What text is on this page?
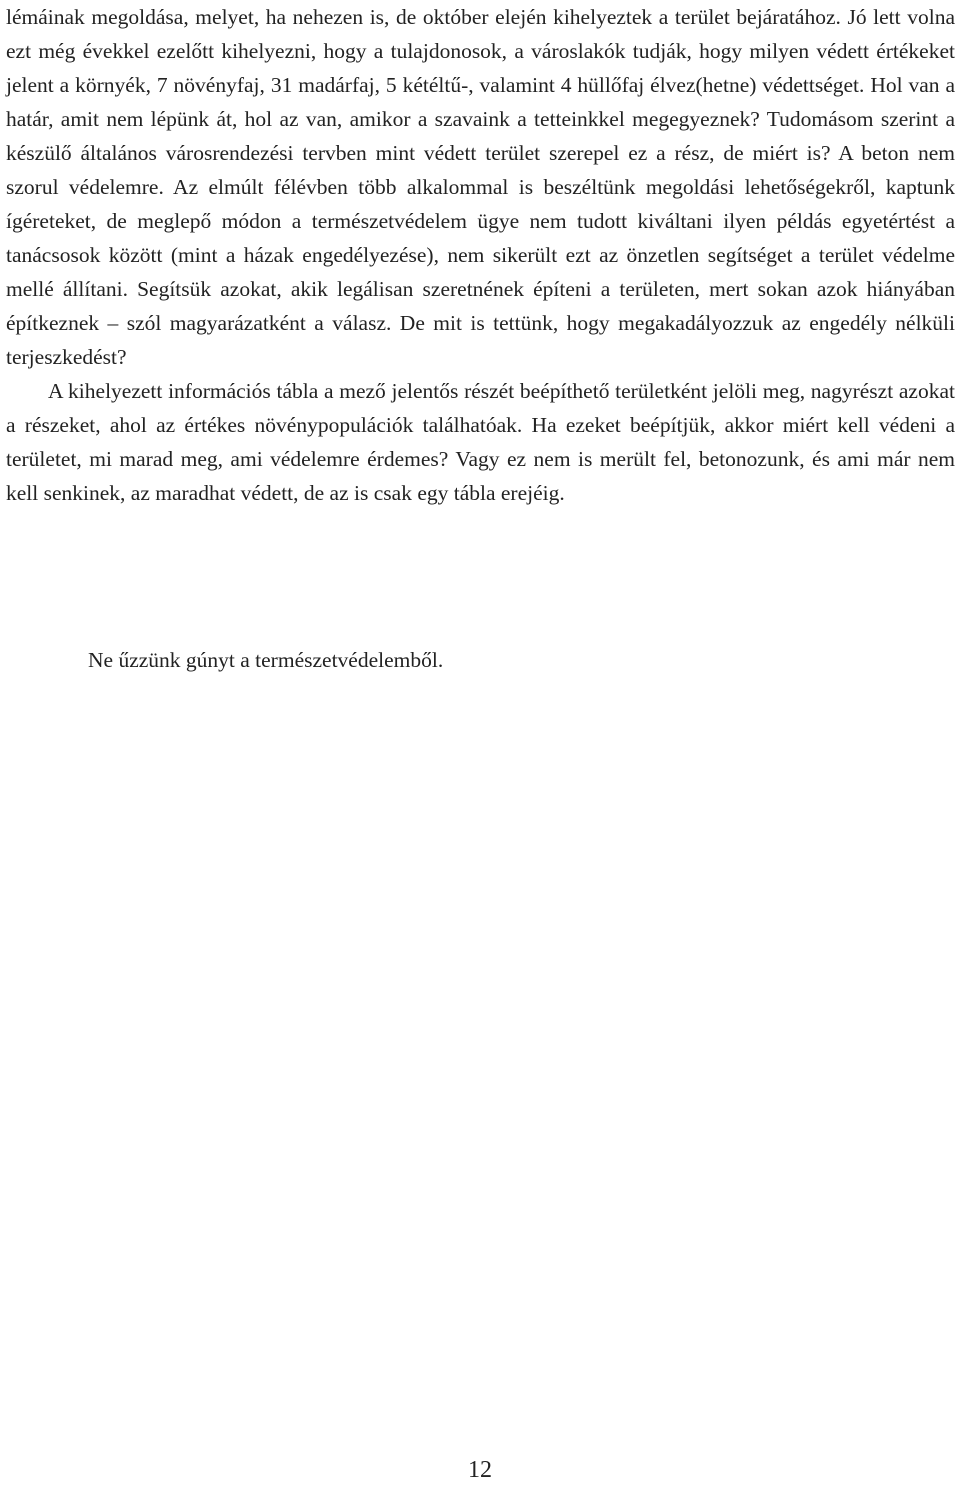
lémáinak megoldása, melyet, ha nehezen is, de október elején kihelyeztek a terület bejáratához. Jó lett volna ezt még évekkel ezelőtt kihelyezni, hogy a tulajdonosok, a városlakók tudják, hogy milyen védett értékeket jelent a környék, 7 növényfaj, 31 madárfaj, 5 kétéltű-, valamint 4 hüllőfaj élvez(hetne) védettséget. Hol van a határ, amit nem lépünk át, hol az van, amikor a szavaink a tetteinkkel megegyeznek? Tudomásom szerint a készülő általános városrendezési tervben mint védett terület szerepel ez a rész, de miért is? A beton nem szorul védelemre. Az elmúlt félévben több alkalommal is beszéltünk megoldási lehetőségekről, kaptunk ígéreteket, de meglepő módon a természetvédelem ügye nem tudott kiváltani ilyen példás egyetértést a tanácsosok között (mint a házak engedélyezése), nem sikerült ezt az önzetlen segítséget a terület védelme mellé állítani. Segítsük azokat, akik legálisan szeretnének építeni a területen, mert sokan azok hiányában építkeznek – szól magyarázatként a válasz. De mit is tettünk, hogy megakadályozzuk az engedély nélküli terjeszkedést?

A kihelyezett információs tábla a mező jelentős részét beépíthető területként jelöli meg, nagyrészt azokat a részeket, ahol az értékes növénypopulációk találhatóak. Ha ezeket beépítjük, akkor miért kell védeni a területet, mi marad meg, ami védelemre érdemes? Vagy ez nem is merült fel, betonozunk, és ami már nem kell senkinek, az maradhat védett, de az is csak egy tábla erejéig.

Ne űzzünk gúnyt a természetvédelemből.

12
